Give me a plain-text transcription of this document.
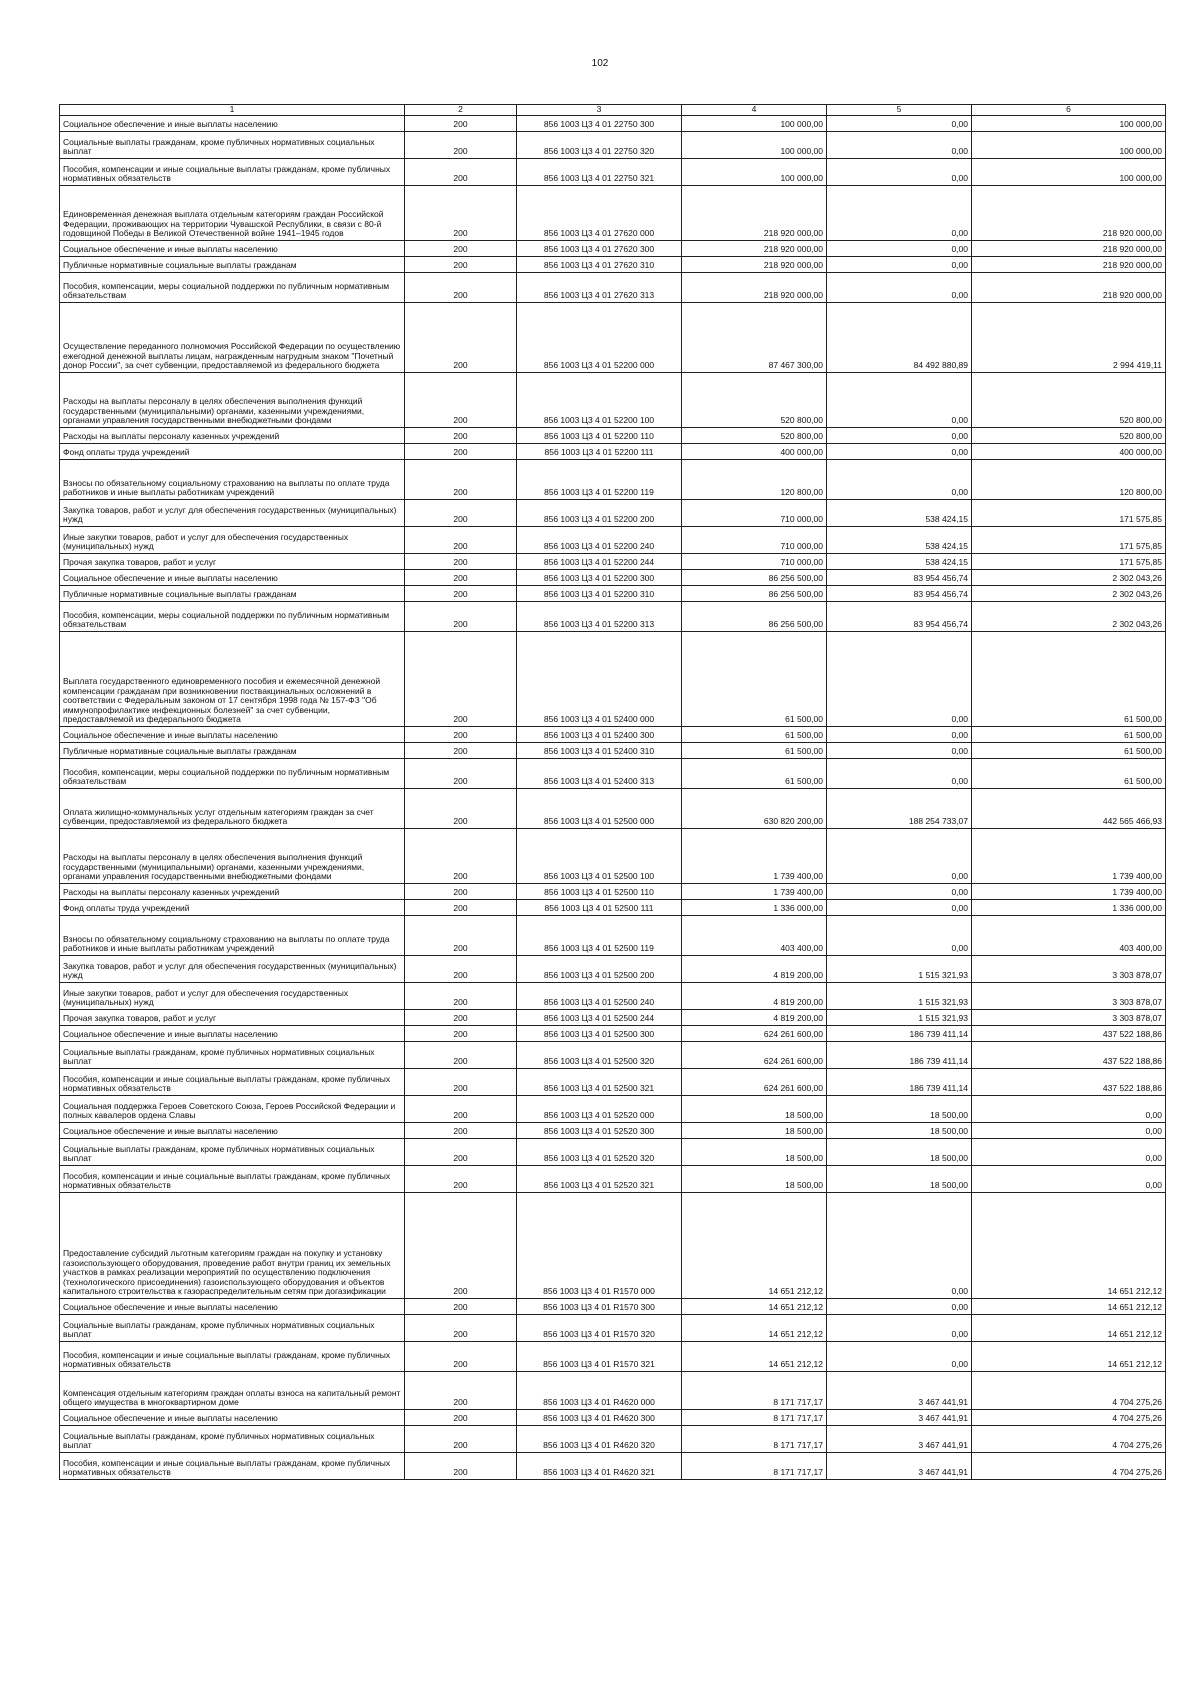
102
1	2	3	4	5	6
Социальное обеспечение и иные выплаты населению	200	856 1003 Ц3 4 01 22750 300	100 000,00	0,00	100 000,00
Социальные выплаты гражданам, кроме публичных нормативных социальных выплат	200	856 1003 Ц3 4 01 22750 320	100 000,00	0,00	100 000,00
Пособия, компенсации и иные социальные выплаты гражданам, кроме публичных нормативных обязательств	200	856 1003 Ц3 4 01 22750 321	100 000,00	0,00	100 000,00
Единовременная денежная выплата отдельным категориям граждан Российской Федерации, проживающих на территории Чувашской Республики, в связи с 80-й годовщиной Победы в Великой Отечественной войне 1941–1945 годов	200	856 1003 Ц3 4 01 27620 000	218 920 000,00	0,00	218 920 000,00
Социальное обеспечение и иные выплаты населению	200	856 1003 Ц3 4 01 27620 300	218 920 000,00	0,00	218 920 000,00
Публичные нормативные социальные выплаты гражданам	200	856 1003 Ц3 4 01 27620 310	218 920 000,00	0,00	218 920 000,00
Пособия, компенсации, меры социальной поддержки по публичным нормативным обязательствам	200	856 1003 Ц3 4 01 27620 313	218 920 000,00	0,00	218 920 000,00
Осуществление переданного полномочия Российской Федерации по осуществлению ежегодной денежной выплаты лицам, награжденным нагрудным знаком "Почетный донор России", за счет субвенции, предоставляемой из федерального бюджета	200	856 1003 Ц3 4 01 52200 000	87 467 300,00	84 492 880,89	2 994 419,11
Расходы на выплаты персоналу в целях обеспечения выполнения функций государственными (муниципальными) органами, казенными учреждениями, органами управления государственными внебюджетными фондами	200	856 1003 Ц3 4 01 52200 100	520 800,00	0,00	520 800,00
Расходы на выплаты персоналу казенных учреждений	200	856 1003 Ц3 4 01 52200 110	520 800,00	0,00	520 800,00
Фонд оплаты труда учреждений	200	856 1003 Ц3 4 01 52200 111	400 000,00	0,00	400 000,00
Взносы по обязательному социальному страхованию на выплаты по оплате труда работников и иные выплаты работникам учреждений	200	856 1003 Ц3 4 01 52200 119	120 800,00	0,00	120 800,00
Закупка товаров, работ и услуг для обеспечения государственных (муниципальных) нужд	200	856 1003 Ц3 4 01 52200 200	710 000,00	538 424,15	171 575,85
Иные закупки товаров, работ и услуг для обеспечения государственных (муниципальных) нужд	200	856 1003 Ц3 4 01 52200 240	710 000,00	538 424,15	171 575,85
Прочая закупка товаров, работ и услуг	200	856 1003 Ц3 4 01 52200 244	710 000,00	538 424,15	171 575,85
Социальное обеспечение и иные выплаты населению	200	856 1003 Ц3 4 01 52200 300	86 256 500,00	83 954 456,74	2 302 043,26
Публичные нормативные социальные выплаты гражданам	200	856 1003 Ц3 4 01 52200 310	86 256 500,00	83 954 456,74	2 302 043,26
Пособия, компенсации, меры социальной поддержки по публичным нормативным обязательствам	200	856 1003 Ц3 4 01 52200 313	86 256 500,00	83 954 456,74	2 302 043,26
Выплата государственного единовременного пособия и ежемесячной денежной компенсации гражданам при возникновении поствакцинальных осложнений в соответствии с Федеральным законом от 17 сентября 1998 года № 157-ФЗ "Об иммунопрофилактике инфекционных болезней" за счет субвенции, предоставляемой из федерального бюджета	200	856 1003 Ц3 4 01 52400 000	61 500,00	0,00	61 500,00
Социальное обеспечение и иные выплаты населению	200	856 1003 Ц3 4 01 52400 300	61 500,00	0,00	61 500,00
Публичные нормативные социальные выплаты гражданам	200	856 1003 Ц3 4 01 52400 310	61 500,00	0,00	61 500,00
Пособия, компенсации, меры социальной поддержки по публичным нормативным обязательствам	200	856 1003 Ц3 4 01 52400 313	61 500,00	0,00	61 500,00
Оплата жилищно-коммунальных услуг отдельным категориям граждан за счет субвенции, предоставляемой из федерального бюджета	200	856 1003 Ц3 4 01 52500 000	630 820 200,00	188 254 733,07	442 565 466,93
Расходы на выплаты персоналу в целях обеспечения выполнения функций государственными (муниципальными) органами, казенными учреждениями, органами управления государственными внебюджетными фондами	200	856 1003 Ц3 4 01 52500 100	1 739 400,00	0,00	1 739 400,00
Расходы на выплаты персоналу казенных учреждений	200	856 1003 Ц3 4 01 52500 110	1 739 400,00	0,00	1 739 400,00
Фонд оплаты труда учреждений	200	856 1003 Ц3 4 01 52500 111	1 336 000,00	0,00	1 336 000,00
Взносы по обязательному социальному страхованию на выплаты по оплате труда работников и иные выплаты работникам учреждений	200	856 1003 Ц3 4 01 52500 119	403 400,00	0,00	403 400,00
Закупка товаров, работ и услуг для обеспечения государственных (муниципальных) нужд	200	856 1003 Ц3 4 01 52500 200	4 819 200,00	1 515 321,93	3 303 878,07
Иные закупки товаров, работ и услуг для обеспечения государственных (муниципальных) нужд	200	856 1003 Ц3 4 01 52500 240	4 819 200,00	1 515 321,93	3 303 878,07
Прочая закупка товаров, работ и услуг	200	856 1003 Ц3 4 01 52500 244	4 819 200,00	1 515 321,93	3 303 878,07
Социальное обеспечение и иные выплаты населению	200	856 1003 Ц3 4 01 52500 300	624 261 600,00	186 739 411,14	437 522 188,86
Социальные выплаты гражданам, кроме публичных нормативных социальных выплат	200	856 1003 Ц3 4 01 52500 320	624 261 600,00	186 739 411,14	437 522 188,86
Пособия, компенсации и иные социальные выплаты гражданам, кроме публичных нормативных обязательств	200	856 1003 Ц3 4 01 52500 321	624 261 600,00	186 739 411,14	437 522 188,86
Социальная поддержка Героев Советского Союза, Героев Российской Федерации и полных кавалеров ордена Славы	200	856 1003 Ц3 4 01 52520 000	18 500,00	18 500,00	0,00
Социальное обеспечение и иные выплаты населению	200	856 1003 Ц3 4 01 52520 300	18 500,00	18 500,00	0,00
Социальные выплаты гражданам, кроме публичных нормативных социальных выплат	200	856 1003 Ц3 4 01 52520 320	18 500,00	18 500,00	0,00
Пособия, компенсации и иные социальные выплаты гражданам, кроме публичных нормативных обязательств	200	856 1003 Ц3 4 01 52520 321	18 500,00	18 500,00	0,00
Предоставление субсидий льготным категориям граждан на покупку и установку газоиспользующего оборудования, проведение работ внутри границ их земельных участков в рамках реализации мероприятий по осуществлению подключения (технологического присоединения) газоиспользующего оборудования и объектов капитального строительства к газораспределительным сетям при догазификации	200	856 1003 Ц3 4 01 R1570 000	14 651 212,12	0,00	14 651 212,12
Социальное обеспечение и иные выплаты населению	200	856 1003 Ц3 4 01 R1570 300	14 651 212,12	0,00	14 651 212,12
Социальные выплаты гражданам, кроме публичных нормативных социальных выплат	200	856 1003 Ц3 4 01 R1570 320	14 651 212,12	0,00	14 651 212,12
Пособия, компенсации и иные социальные выплаты гражданам, кроме публичных нормативных обязательств	200	856 1003 Ц3 4 01 R1570 321	14 651 212,12	0,00	14 651 212,12
Компенсация отдельным категориям граждан оплаты взноса на капитальный ремонт общего имущества в многоквартирном доме	200	856 1003 Ц3 4 01 R4620 000	8 171 717,17	3 467 441,91	4 704 275,26
Социальное обеспечение и иные выплаты населению	200	856 1003 Ц3 4 01 R4620 300	8 171 717,17	3 467 441,91	4 704 275,26
Социальные выплаты гражданам, кроме публичных нормативных социальных выплат	200	856 1003 Ц3 4 01 R4620 320	8 171 717,17	3 467 441,91	4 704 275,26
Пособия, компенсации и иные социальные выплаты гражданам, кроме публичных нормативных обязательств	200	856 1003 Ц3 4 01 R4620 321	8 171 717,17	3 467 441,91	4 704 275,26
